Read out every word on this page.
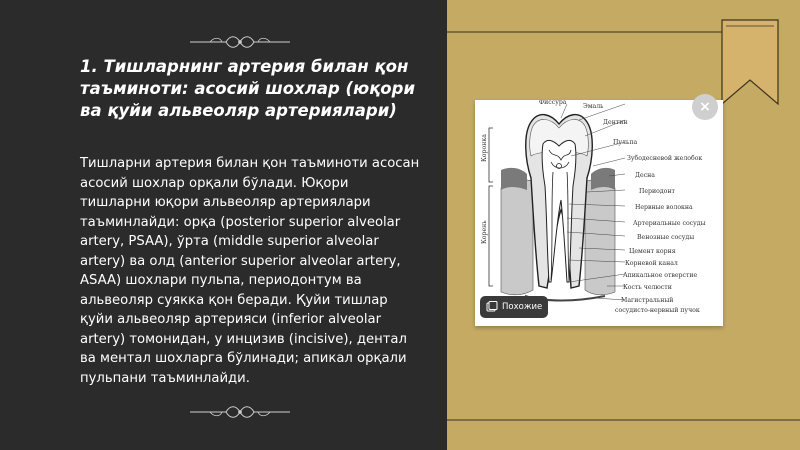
1. Тишларнинг артерия билан қон таъминоти: асосий шохлар (юқори ва қуйи альвеоляр артериялари)

Тишларни артерия билан қон таъминоти асосан асосий шохлар орқали бўлади. Юқори тишларни юқори альвеоляр артериялари таъминлайди: орқа (posterior superior alveolar artery, PSAA), ўрта (middle superior alveolar artery) ва олд (anterior superior alveolar artery, ASAA) шохлари пульпа, периодонтум ва альвеоляр суякка қон беради. Қуйи тишлар қуйи альвеоляр артерияси (inferior alveolar artery) томонидан, у инцизив (incisive), дентал ва ментал шохларга бўлинади; апикал орқали пульпани таъминлайди.

Фиссура
Эмаль
Дентин
Пульпа
Зубодесневой желобок
Десна
Периодонт
Нервные волокна
Артериальные сосуды
Венозные сосуды
Цемент корня
Корневой канал
Апикальное отверстие
Кость челюсти
Магистральный
сосудисто-нервный пучок
Коронка
Корень
×
Похожие
